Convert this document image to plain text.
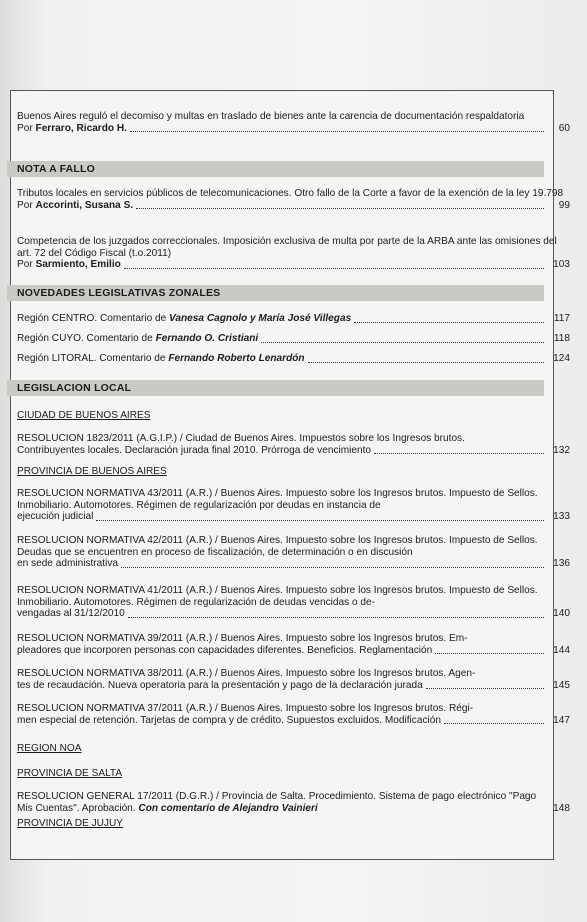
Buenos Aires reguló el decomiso y multas en traslado de bienes ante la carencia de documentación respaldatoria

Por
Ferraro, Ricardo H.	60
NOTA A FALLO

Tributos locales en servicios públicos de telecomunicaciones. Otro fallo de la Corte a favor de la exención de la ley 19.798

Por
Accorinti, Susana S.	99

Competencia de los juzgados correccionales. Imposición exclusiva de multa por parte de la ARBA ante las omisiones del art. 72 del Código Fiscal (t.o.2011)

Por
Sarmiento, Emilio	103
NOVEDADES LEGISLATIVAS ZONALES
Región CENTRO. Comentario de Vanesa Cagnolo y María José Villegas	117
Región CUYO. Comentario de Fernando O. Cristiani	118
Región LITORAL. Comentario de Fernando Roberto Lenardón	124
LEGISLACION LOCAL
CIUDAD DE BUENOS AIRES

RESOLUCION 1823/2011 (A.G.I.P.) / Ciudad de Buenos Aires. Impuestos sobre los Ingresos brutos.

Contribuyentes locales. Declaración jurada final 2010. Prórroga de vencimiento	132
PROVINCIA DE BUENOS AIRES

RESOLUCION NORMATIVA 43/2011 (A.R.) / Buenos Aires. Impuesto sobre los Ingresos brutos. Impuesto de Sellos. Inmobiliario. Automotores. Régimen de regularización por deudas en instancia de

ejecución judicial	133

RESOLUCION NORMATIVA 42/2011 (A.R.) / Buenos Aires. Impuesto sobre los Ingresos brutos. Impuesto de Sellos. Deudas que se encuentren en proceso de fiscalización, de determinación o en discusión

en sede administrativa	136

RESOLUCION NORMATIVA 41/2011 (A.R.) / Buenos Aires. Impuesto sobre los Ingresos brutos. Impuesto de Sellos. Inmobiliario. Automotores. Régimen de regularización de deudas vencidas o de-

vengadas al 31/12/2010	140

RESOLUCION NORMATIVA 39/2011 (A.R.) / Buenos Aires. Impuesto sobre los Ingresos brutos. Em-

pleadores que incorporen personas con capacidades diferentes. Beneficios. Reglamentación	144

RESOLUCION NORMATIVA 38/2011 (A.R.) / Buenos Aires. Impuesto sobre los Ingresos brutos. Agen-

tes de recaudación. Nueva operatoria para la presentación y pago de la declaración jurada	145

RESOLUCION NORMATIVA 37/2011 (A.R.) / Buenos Aires. Impuesto sobre los Ingresos brutos. Régi-

men especial de retención. Tarjetas de compra y de crédito. Supuestos excluidos. Modificación	147
REGION NOA
PROVINCIA DE SALTA
RESOLUCION GENERAL 17/2011 (D.G.R.) / Provincia de Salta. Procedimiento. Sistema de pago electrónico "Pago Mis Cuentas". Aprobación. Con comentario de Alejandro Vainieri	148
PROVINCIA DE JUJUY
